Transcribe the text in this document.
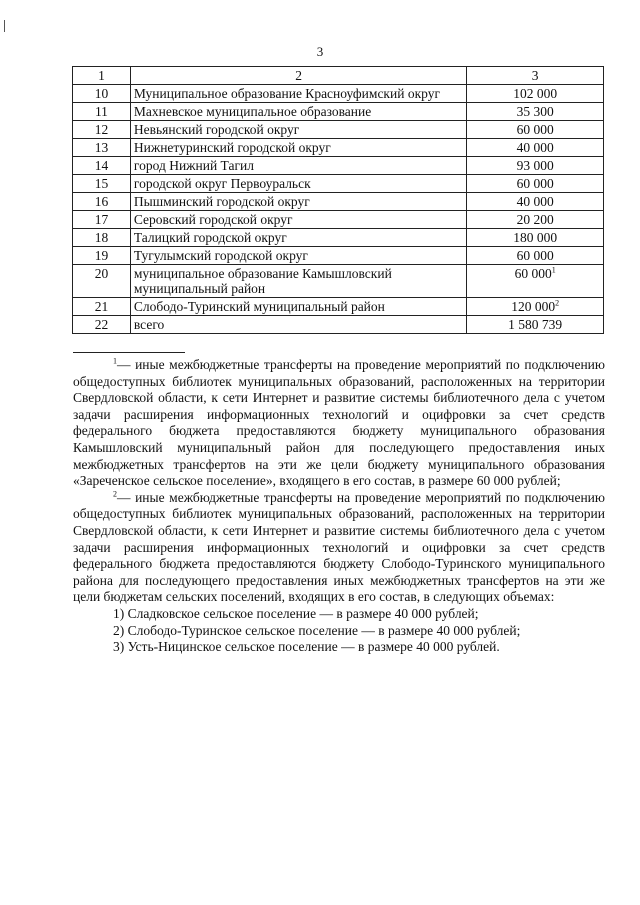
3
1	2	3
10	Муниципальное образование Красноуфимский округ	102 000
11	Махневское муниципальное образование	35 300
12	Невьянский городской округ	60 000
13	Нижнетуринский городской округ	40 000
14	город Нижний Тагил	93 000
15	городской округ Первоуральск	60 000
16	Пышминский городской округ	40 000
17	Серовский городской округ	20 200
18	Талицкий городской округ	180 000
19	Тугулымский городской округ	60 000
20	муниципальное образование Камышловский муниципальный район	60 $000^1$
21	Слободо-Туринский муниципальный район	120 $000^2$
22	всего	1 580 739

$^1$— иные межбюджетные трансферты на проведение мероприятий по подключению общедоступных библиотек муниципальных образований, расположенных на территории Свердловской области, к сети Интернет и развитие системы библиотечного дела с учетом задачи расширения информационных технологий и оцифровки за счет средств федерального бюджета предоставляются бюджету муниципального образования Камышловский муниципальный район для последующего предоставления иных межбюджетных трансфертов на эти же цели бюджету муниципального образования «Зареченское сельское поселение», входящего в его состав, в размере 60 000 рублей;

$^2$— иные межбюджетные трансферты на проведение мероприятий по подключению общедоступных библиотек муниципальных образований, расположенных на территории Свердловской области, к сети Интернет и развитие системы библиотечного дела с учетом задачи расширения информационных технологий и оцифровки за счет средств федерального бюджета предоставляются бюджету Слободо-Туринского муниципального района для последующего предоставления иных межбюджетных трансфертов на эти же цели бюджетам сельских поселений, входящих в его состав, в следующих объемах:

1) Сладковское сельское поселение — в размере 40 000 рублей;

2) Слободо-Туринское сельское поселение — в размере 40 000 рублей;

3) Усть-Ницинское сельское поселение — в размере 40 000 рублей.
